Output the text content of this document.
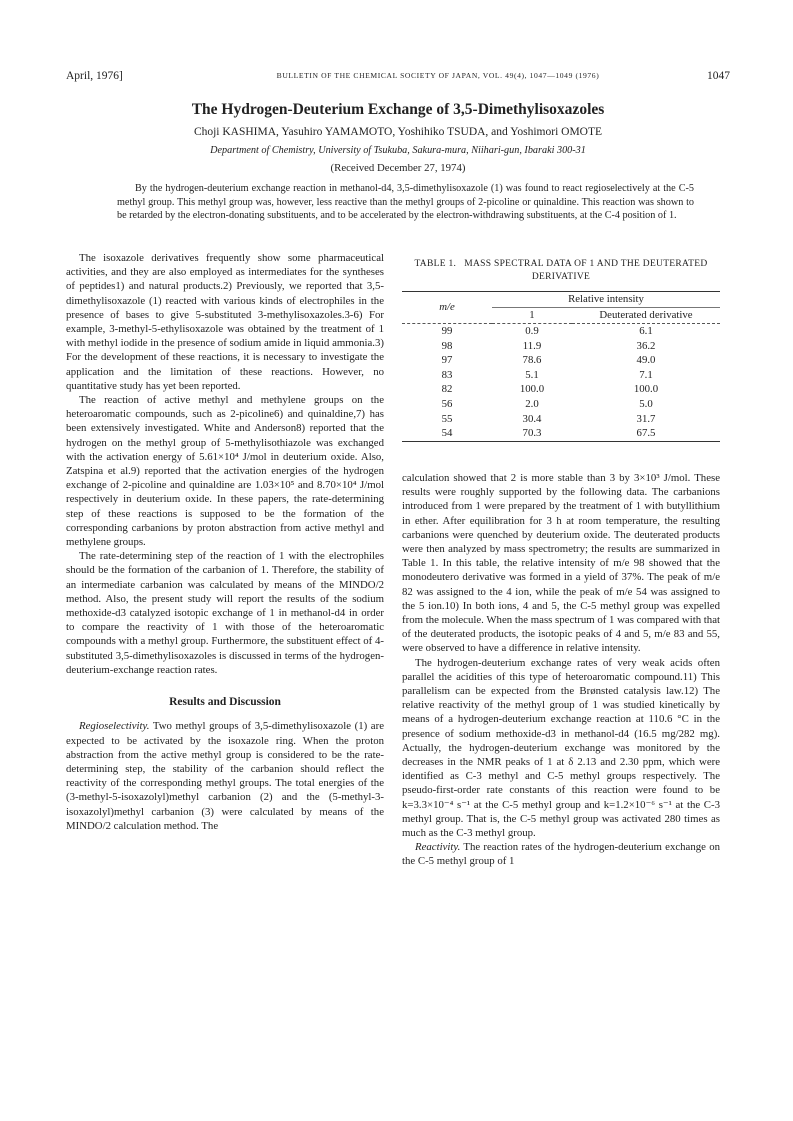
April, 1976]	BULLETIN OF THE CHEMICAL SOCIETY OF JAPAN, VOL. 49(4), 1047—1049 (1976)	1047
The Hydrogen-Deuterium Exchange of 3,5-Dimethylisoxazoles
Choji KASHIMA, Yasuhiro YAMAMOTO, Yoshihiko TSUDA, and Yoshimori OMOTE
Department of Chemistry, University of Tsukuba, Sakura-mura, Niihari-gun, Ibaraki 300-31
(Received December 27, 1974)

By the hydrogen-deuterium exchange reaction in methanol-d4, 3,5-dimethylisoxazole (1) was found to react regioselectively at the C-5 methyl group. This methyl group was, however, less reactive than the methyl groups of 2-picoline or quinaldine. This reaction was shown to be retarded by the electron-donating substituents, and to be accelerated by the electron-withdrawing substituents, at the C-4 position of 1.

The isoxazole derivatives frequently show some pharmaceutical activities, and they are also employed as intermediates for the syntheses of peptides1) and natural products.2) Previously, we reported that 3,5-dimethylisoxazole (1) reacted with various kinds of electrophiles in the presence of bases to give 5-substituted 3-methylisoxazoles.3-6) For example, 3-methyl-5-ethylisoxazole was obtained by the treatment of 1 with methyl iodide in the presence of sodium amide in liquid ammonia.3) For the development of these reactions, it is necessary to investigate the application and the limitation of these reactions. However, no quantitative study has yet been reported.

The reaction of active methyl and methylene groups on the heteroaromatic compounds, such as 2-picoline6) and quinaldine,7) has been extensively investigated. White and Anderson8) reported that the hydrogen on the methyl group of 5-methylisothiazole was exchanged with the activation energy of 5.61×10⁴ J/mol in deuterium oxide. Also, Zatspina et al.9) reported that the activation energies of the hydrogen exchange of 2-picoline and quinaldine are 1.03×10⁵ and 8.70×10⁴ J/mol respectively in deuterium oxide. In these papers, the rate-determining step of these reactions is supposed to be the formation of the corresponding carbanions by proton abstraction from active methyl and methylene groups.

The rate-determining step of the reaction of 1 with the electrophiles should be the formation of the carbanion of 1. Therefore, the stability of an intermediate carbanion was calculated by means of the MINDO/2 method. Also, the present study will report the results of the sodium methoxide-d3 catalyzed isotopic exchange of 1 in methanol-d4 in order to compare the reactivity of 1 with those of the heteroaromatic compounds with a methyl group. Furthermore, the substituent effect of 4-substituted 3,5-dimethylisoxazoles is discussed in terms of the hydrogen-deuterium-exchange reaction rates.

Results and Discussion

Regioselectivity. Two methyl groups of 3,5-dimethylisoxazole (1) are expected to be activated by the isoxazole ring. When the proton abstraction from the active methyl group is considered to be the rate-determining step, the stability of the carbanion should reflect the reactivity of the corresponding methyl groups. The total energies of the (3-methyl-5-isoxazolyl)methyl carbanion (2) and the (5-methyl-3-isoxazolyl)methyl carbanion (3) were calculated by means of the MINDO/2 calculation method. The

TABLE 1. MASS SPECTRAL DATA OF 1 AND THE DEUTERATED DERIVATIVE
m/e	Relative intensity	
	1	Deuterated derivative
99	0.9	6.1
98	11.9	36.2
97	78.6	49.0
83	5.1	7.1
82	100.0	100.0
56	2.0	5.0
55	30.4	31.7
54	70.3	67.5

calculation showed that 2 is more stable than 3 by 3×10³ J/mol. These results were roughly supported by the following data. The carbanions introduced from 1 were prepared by the treatment of 1 with butyllithium in ether. After equilibration for 3 h at room temperature, the resulting carbanions were quenched by deuterium oxide. The deuterated products were then analyzed by mass spectrometry; the results are summarized in Table 1. In this table, the relative intensity of m/e 98 showed that the monodeutero derivative was formed in a yield of 37%. The peak of m/e 82 was assigned to the 4 ion, while the peak of m/e 54 was assigned to the 5 ion.10) In both ions, 4 and 5, the C-5 methyl group was expelled from the molecule. When the mass spectrum of 1 was compared with that of the deuterated products, the isotopic peaks of 4 and 5, m/e 83 and 55, were observed to have a difference in relative intensity.

The hydrogen-deuterium exchange rates of very weak acids often parallel the acidities of this type of heteroaromatic compound.11) This parallelism can be expected from the Brønsted catalysis law.12) The relative reactivity of the methyl group of 1 was studied kinetically by means of a hydrogen-deuterium exchange reaction at 110.6 °C in the presence of sodium methoxide-d3 in methanol-d4 (16.5 mg/282 mg). Actually, the hydrogen-deuterium exchange was monitored by the decreases in the NMR peaks of 1 at δ 2.13 and 2.30 ppm, which were identified as C-3 methyl and C-5 methyl groups respectively. The pseudo-first-order rate constants of this reaction were found to be k=3.3×10⁻⁴ s⁻¹ at the C-5 methyl group and k=1.2×10⁻⁶ s⁻¹ at the C-3 methyl group. That is, the C-5 methyl group was activated 280 times as much as the C-3 methyl group.

Reactivity. The reaction rates of the hydrogen-deuterium exchange on the C-5 methyl group of 1
